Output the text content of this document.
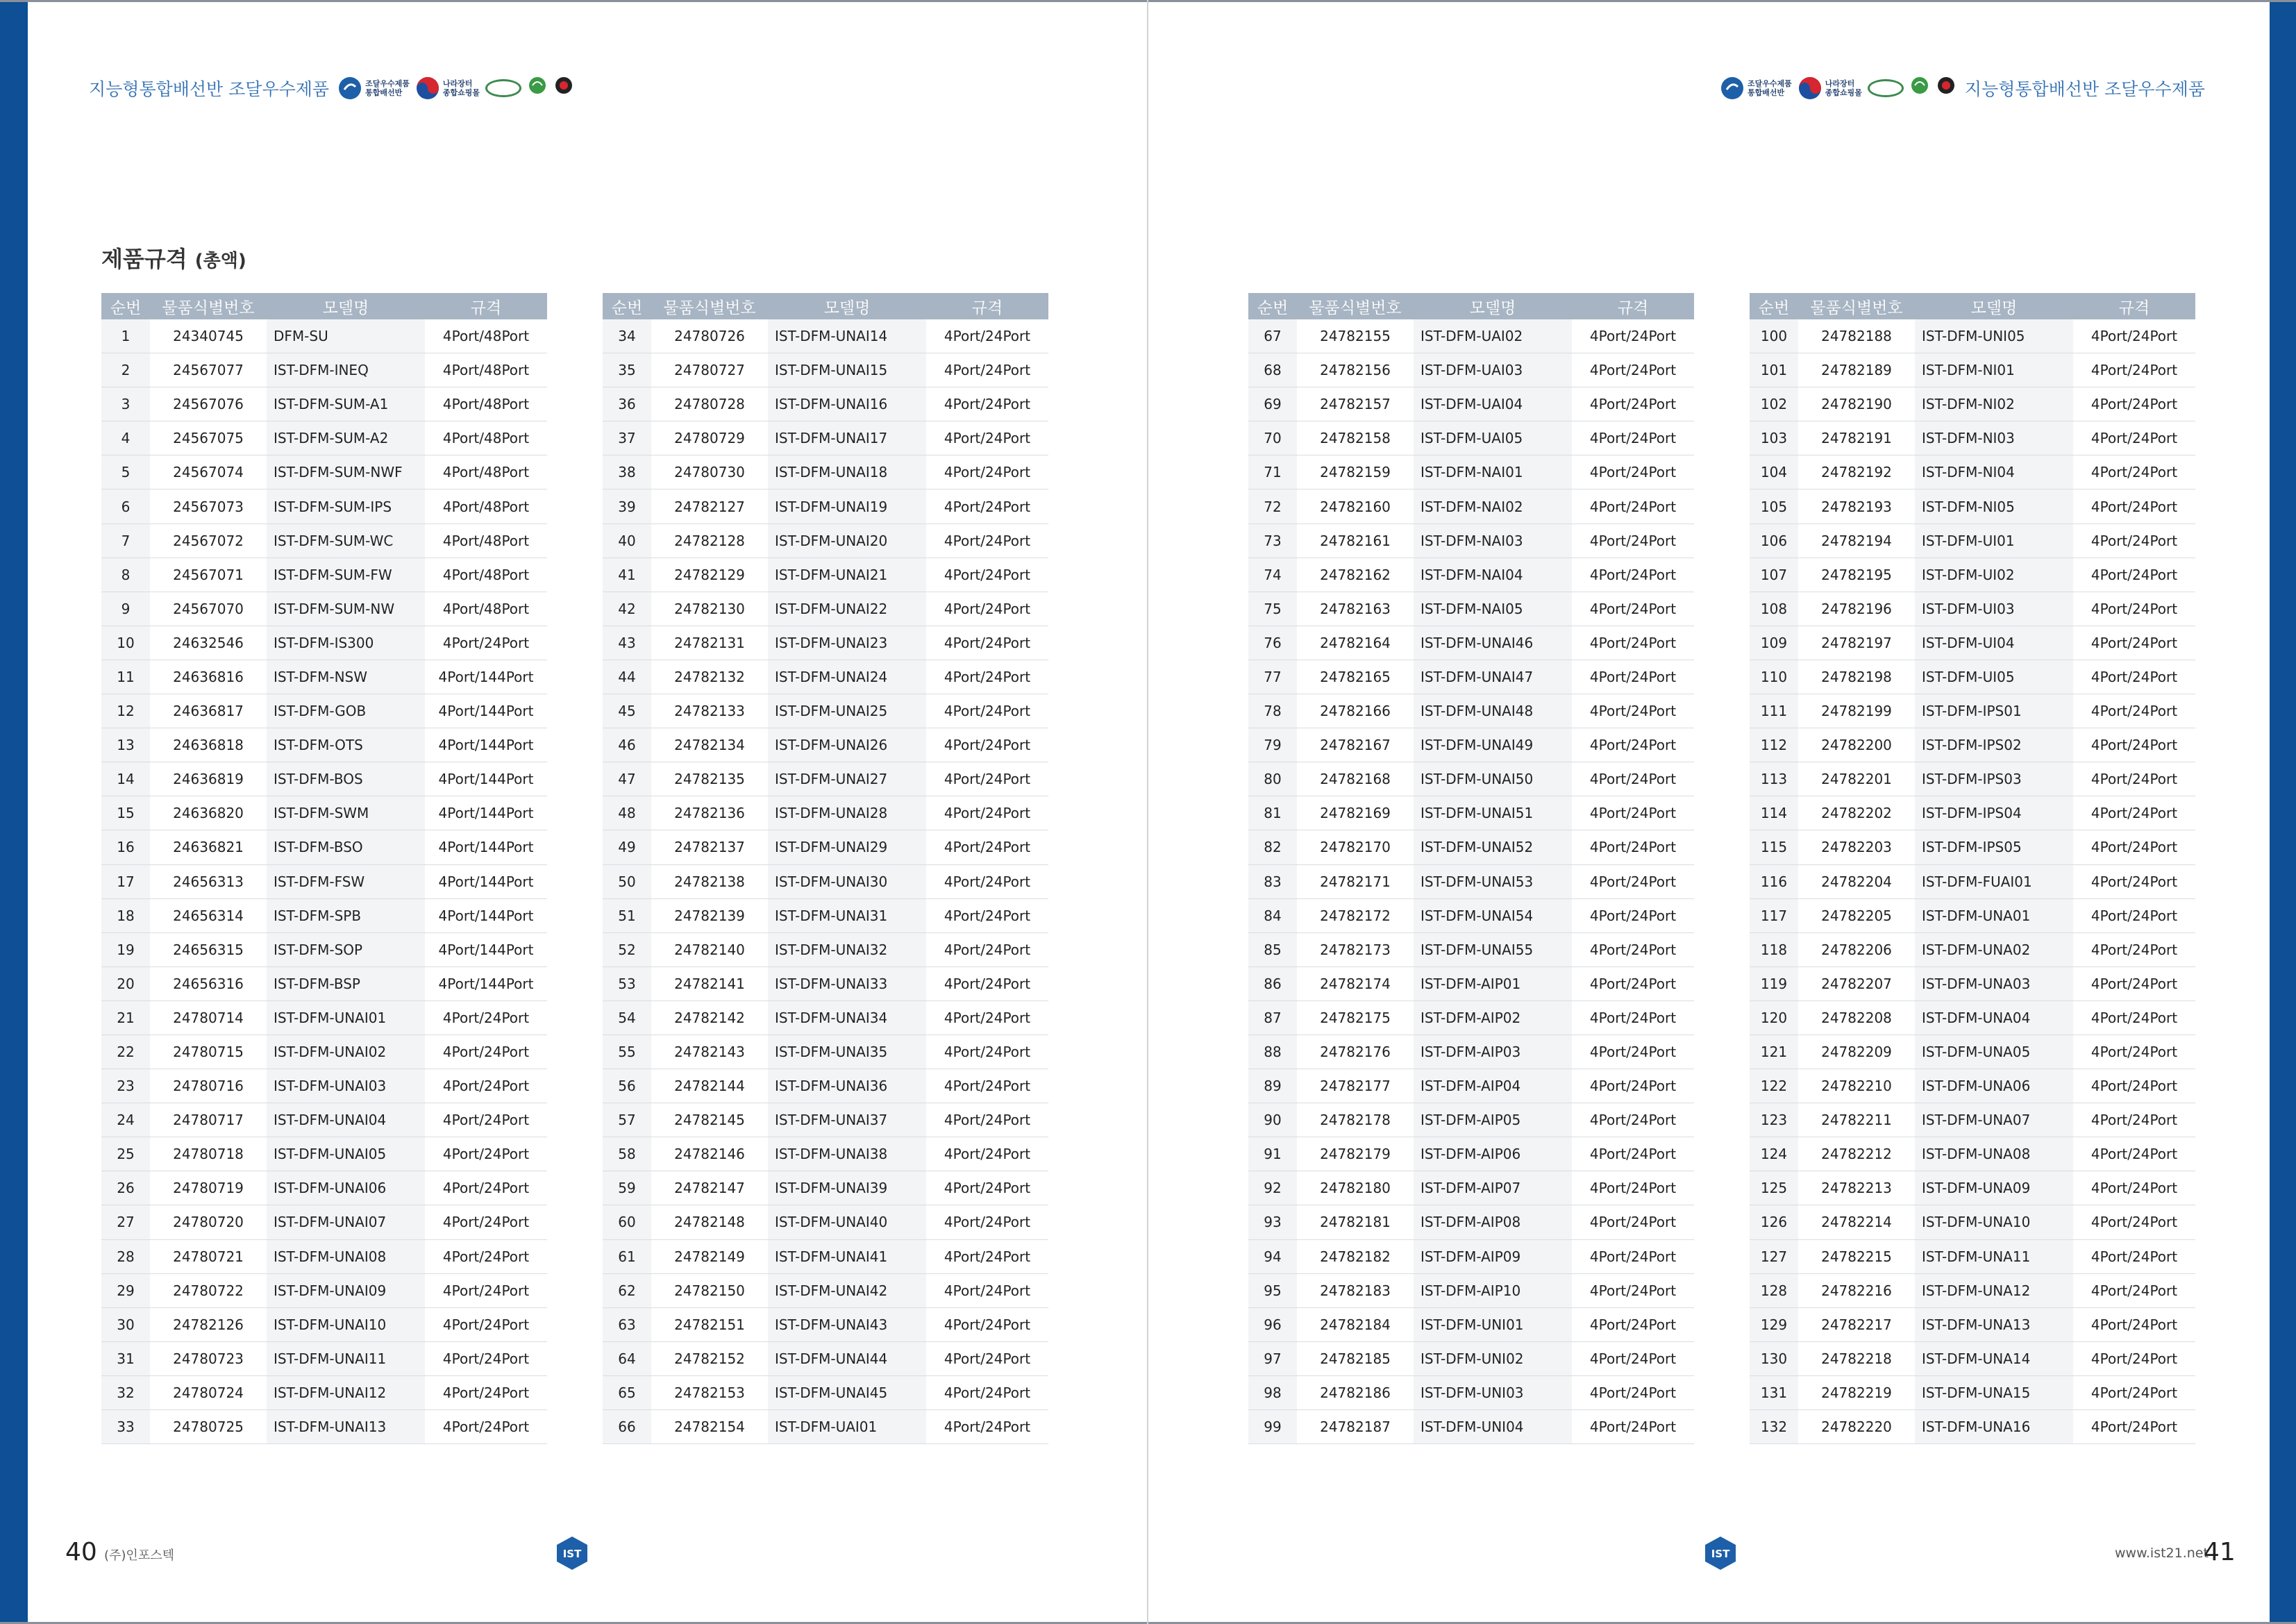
지능형통합배선반 조달우수제품	조달우수제품
통합배선반
나라장터
종합쇼핑몰
제품규격 (총액)
순번	물품식별번호	모델명	규격
1	24340745	DFM-SU	4Port/48Port
2	24567077	IST-DFM-INEQ	4Port/48Port
3	24567076	IST-DFM-SUM-A1	4Port/48Port
4	24567075	IST-DFM-SUM-A2	4Port/48Port
5	24567074	IST-DFM-SUM-NWF	4Port/48Port
6	24567073	IST-DFM-SUM-IPS	4Port/48Port
7	24567072	IST-DFM-SUM-WC	4Port/48Port
8	24567071	IST-DFM-SUM-FW	4Port/48Port
9	24567070	IST-DFM-SUM-NW	4Port/48Port
10	24632546	IST-DFM-IS300	4Port/24Port
11	24636816	IST-DFM-NSW	4Port/144Port
12	24636817	IST-DFM-GOB	4Port/144Port
13	24636818	IST-DFM-OTS	4Port/144Port
14	24636819	IST-DFM-BOS	4Port/144Port
15	24636820	IST-DFM-SWM	4Port/144Port
16	24636821	IST-DFM-BSO	4Port/144Port
17	24656313	IST-DFM-FSW	4Port/144Port
18	24656314	IST-DFM-SPB	4Port/144Port
19	24656315	IST-DFM-SOP	4Port/144Port
20	24656316	IST-DFM-BSP	4Port/144Port
21	24780714	IST-DFM-UNAI01	4Port/24Port
22	24780715	IST-DFM-UNAI02	4Port/24Port
23	24780716	IST-DFM-UNAI03	4Port/24Port
24	24780717	IST-DFM-UNAI04	4Port/24Port
25	24780718	IST-DFM-UNAI05	4Port/24Port
26	24780719	IST-DFM-UNAI06	4Port/24Port
27	24780720	IST-DFM-UNAI07	4Port/24Port
28	24780721	IST-DFM-UNAI08	4Port/24Port
29	24780722	IST-DFM-UNAI09	4Port/24Port
30	24782126	IST-DFM-UNAI10	4Port/24Port
31	24780723	IST-DFM-UNAI11	4Port/24Port
32	24780724	IST-DFM-UNAI12	4Port/24Port
33	24780725	IST-DFM-UNAI13	4Port/24Port
순번	물품식별번호	모델명	규격
34	24780726	IST-DFM-UNAI14	4Port/24Port
35	24780727	IST-DFM-UNAI15	4Port/24Port
36	24780728	IST-DFM-UNAI16	4Port/24Port
37	24780729	IST-DFM-UNAI17	4Port/24Port
38	24780730	IST-DFM-UNAI18	4Port/24Port
39	24782127	IST-DFM-UNAI19	4Port/24Port
40	24782128	IST-DFM-UNAI20	4Port/24Port
41	24782129	IST-DFM-UNAI21	4Port/24Port
42	24782130	IST-DFM-UNAI22	4Port/24Port
43	24782131	IST-DFM-UNAI23	4Port/24Port
44	24782132	IST-DFM-UNAI24	4Port/24Port
45	24782133	IST-DFM-UNAI25	4Port/24Port
46	24782134	IST-DFM-UNAI26	4Port/24Port
47	24782135	IST-DFM-UNAI27	4Port/24Port
48	24782136	IST-DFM-UNAI28	4Port/24Port
49	24782137	IST-DFM-UNAI29	4Port/24Port
50	24782138	IST-DFM-UNAI30	4Port/24Port
51	24782139	IST-DFM-UNAI31	4Port/24Port
52	24782140	IST-DFM-UNAI32	4Port/24Port
53	24782141	IST-DFM-UNAI33	4Port/24Port
54	24782142	IST-DFM-UNAI34	4Port/24Port
55	24782143	IST-DFM-UNAI35	4Port/24Port
56	24782144	IST-DFM-UNAI36	4Port/24Port
57	24782145	IST-DFM-UNAI37	4Port/24Port
58	24782146	IST-DFM-UNAI38	4Port/24Port
59	24782147	IST-DFM-UNAI39	4Port/24Port
60	24782148	IST-DFM-UNAI40	4Port/24Port
61	24782149	IST-DFM-UNAI41	4Port/24Port
62	24782150	IST-DFM-UNAI42	4Port/24Port
63	24782151	IST-DFM-UNAI43	4Port/24Port
64	24782152	IST-DFM-UNAI44	4Port/24Port
65	24782153	IST-DFM-UNAI45	4Port/24Port
66	24782154	IST-DFM-UAI01	4Port/24Port
40 (주)인포스텍	IST
조달우수제품
통합배선반
나라장터
종합쇼핑몰	지능형통합배선반 조달우수제품
순번	물품식별번호	모델명	규격
67	24782155	IST-DFM-UAI02	4Port/24Port
68	24782156	IST-DFM-UAI03	4Port/24Port
69	24782157	IST-DFM-UAI04	4Port/24Port
70	24782158	IST-DFM-UAI05	4Port/24Port
71	24782159	IST-DFM-NAI01	4Port/24Port
72	24782160	IST-DFM-NAI02	4Port/24Port
73	24782161	IST-DFM-NAI03	4Port/24Port
74	24782162	IST-DFM-NAI04	4Port/24Port
75	24782163	IST-DFM-NAI05	4Port/24Port
76	24782164	IST-DFM-UNAI46	4Port/24Port
77	24782165	IST-DFM-UNAI47	4Port/24Port
78	24782166	IST-DFM-UNAI48	4Port/24Port
79	24782167	IST-DFM-UNAI49	4Port/24Port
80	24782168	IST-DFM-UNAI50	4Port/24Port
81	24782169	IST-DFM-UNAI51	4Port/24Port
82	24782170	IST-DFM-UNAI52	4Port/24Port
83	24782171	IST-DFM-UNAI53	4Port/24Port
84	24782172	IST-DFM-UNAI54	4Port/24Port
85	24782173	IST-DFM-UNAI55	4Port/24Port
86	24782174	IST-DFM-AIP01	4Port/24Port
87	24782175	IST-DFM-AIP02	4Port/24Port
88	24782176	IST-DFM-AIP03	4Port/24Port
89	24782177	IST-DFM-AIP04	4Port/24Port
90	24782178	IST-DFM-AIP05	4Port/24Port
91	24782179	IST-DFM-AIP06	4Port/24Port
92	24782180	IST-DFM-AIP07	4Port/24Port
93	24782181	IST-DFM-AIP08	4Port/24Port
94	24782182	IST-DFM-AIP09	4Port/24Port
95	24782183	IST-DFM-AIP10	4Port/24Port
96	24782184	IST-DFM-UNI01	4Port/24Port
97	24782185	IST-DFM-UNI02	4Port/24Port
98	24782186	IST-DFM-UNI03	4Port/24Port
99	24782187	IST-DFM-UNI04	4Port/24Port
순번	물품식별번호	모델명	규격
100	24782188	IST-DFM-UNI05	4Port/24Port
101	24782189	IST-DFM-NI01	4Port/24Port
102	24782190	IST-DFM-NI02	4Port/24Port
103	24782191	IST-DFM-NI03	4Port/24Port
104	24782192	IST-DFM-NI04	4Port/24Port
105	24782193	IST-DFM-NI05	4Port/24Port
106	24782194	IST-DFM-UI01	4Port/24Port
107	24782195	IST-DFM-UI02	4Port/24Port
108	24782196	IST-DFM-UI03	4Port/24Port
109	24782197	IST-DFM-UI04	4Port/24Port
110	24782198	IST-DFM-UI05	4Port/24Port
111	24782199	IST-DFM-IPS01	4Port/24Port
112	24782200	IST-DFM-IPS02	4Port/24Port
113	24782201	IST-DFM-IPS03	4Port/24Port
114	24782202	IST-DFM-IPS04	4Port/24Port
115	24782203	IST-DFM-IPS05	4Port/24Port
116	24782204	IST-DFM-FUAI01	4Port/24Port
117	24782205	IST-DFM-UNA01	4Port/24Port
118	24782206	IST-DFM-UNA02	4Port/24Port
119	24782207	IST-DFM-UNA03	4Port/24Port
120	24782208	IST-DFM-UNA04	4Port/24Port
121	24782209	IST-DFM-UNA05	4Port/24Port
122	24782210	IST-DFM-UNA06	4Port/24Port
123	24782211	IST-DFM-UNA07	4Port/24Port
124	24782212	IST-DFM-UNA08	4Port/24Port
125	24782213	IST-DFM-UNA09	4Port/24Port
126	24782214	IST-DFM-UNA10	4Port/24Port
127	24782215	IST-DFM-UNA11	4Port/24Port
128	24782216	IST-DFM-UNA12	4Port/24Port
129	24782217	IST-DFM-UNA13	4Port/24Port
130	24782218	IST-DFM-UNA14	4Port/24Port
131	24782219	IST-DFM-UNA15	4Port/24Port
132	24782220	IST-DFM-UNA16	4Port/24Port
IST	www.ist21.net
41
